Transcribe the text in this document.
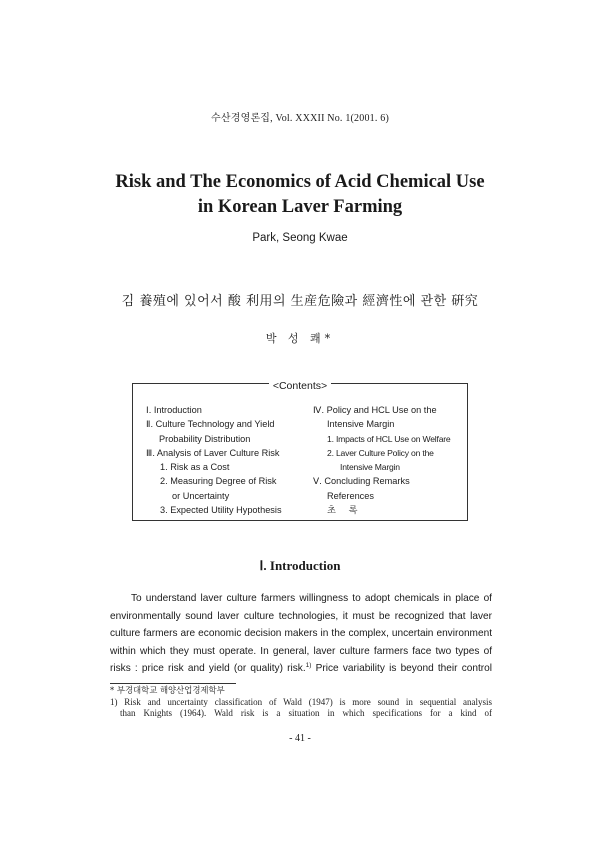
수산경영론집, Vol. XXXII No. 1(2001. 6)
Risk and The Economics of Acid Chemical Use
in Korean Laver Farming
Park, Seong Kwae
김 養殖에 있어서 酸 利用의 生産危險과 經濟性에 관한 硏究
박 성 쾌*
<Contents>
Ⅰ. Introduction
Ⅱ. Culture Technology and Yield
Probability Distribution
Ⅲ. Analysis of Laver Culture Risk
1. Risk as a Cost
2. Measuring Degree of Risk
or Uncertainty
3. Expected Utility Hypothesis
Ⅳ. Policy and HCL Use on the
Intensive Margin
1. Impacts of HCL Use on Welfare
2. Laver Culture Policy on the
Intensive Margin
Ⅴ. Concluding Remarks
References
초     록
Ⅰ. Introduction
To understand laver culture farmers willingness to adopt chemicals in place of
environmentally sound laver culture technologies, it must be recognized that laver
culture farmers are economic decision makers in the complex, uncertain environment
within which they must operate. In general, laver culture farmers face two types of
risks : price risk and yield (or quality) risk.$^{1)}$ Price variability is beyond their control
* 부경대학교 해양산업경제학부
1) Risk and uncertainty classification of Wald (1947) is more sound in sequential analysis
than Knights (1964). Wald risk is a situation in which specifications for a kind of
- 41 -
